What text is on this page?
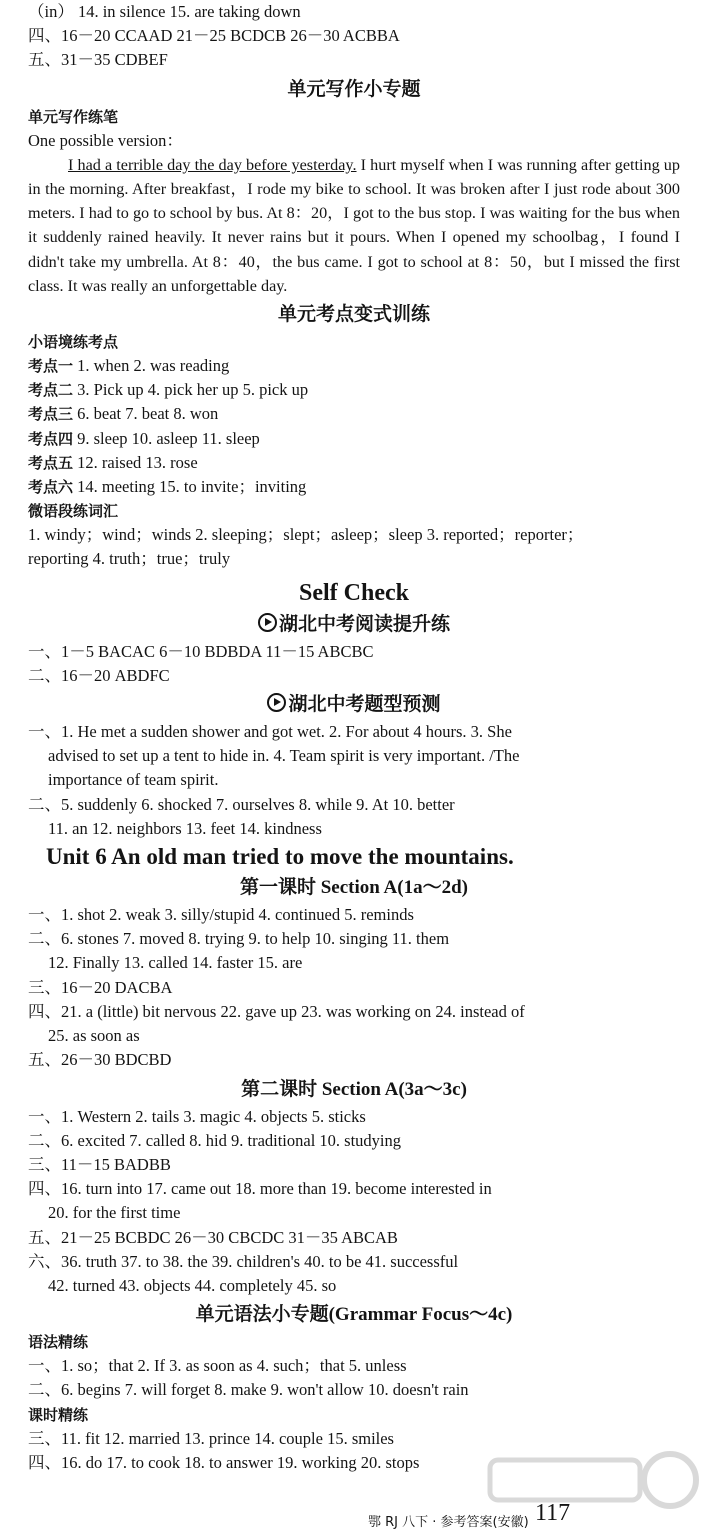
（in） 14. in silence 15. are taking down
四、16－20 CCAAD 21－25 BCDCB 26－30 ACBBA
五、31－35 CDBEF
单元写作小专题
单元写作练笔
One possible version：
I had a terrible day the day before yesterday. I hurt myself when I was running after getting up in the morning. After breakfast，I rode my bike to school. It was broken after I just rode about 300 meters. I had to go to school by bus. At 8：20，I got to the bus stop. I was waiting for the bus when it suddenly rained heavily. It never rains but it pours. When I opened my schoolbag，I found I didn't take my umbrella. At 8：40，the bus came. I got to school at 8：50，but I missed the first class. It was really an unforgettable day.
单元考点变式训练
小语境练考点
考点一 1. when 2. was reading
考点二 3. Pick up 4. pick her up 5. pick up
考点三 6. beat 7. beat 8. won
考点四 9. sleep 10. asleep 11. sleep
考点五 12. raised 13. rose
考点六 14. meeting 15. to invite；inviting
微语段练词汇
1. windy；wind；winds 2. sleeping；slept；asleep；sleep 3. reported；reporter；
reporting 4. truth；true；truly
Self Check
湖北中考阅读提升练
一、1－5 BACAC 6－10 BDBDA 11－15 ABCBC
二、16－20 ABDFC
湖北中考题型预测
一、1. He met a sudden shower and got wet. 2. For about 4 hours. 3. She
advised to set up a tent to hide in. 4. Team spirit is very important. /The
importance of team spirit.
二、5. suddenly 6. shocked 7. ourselves 8. while 9. At 10. better
11. an 12. neighbors 13. feet 14. kindness
Unit 6 An old man tried to move the mountains.
第一课时 Section A(1a～2d)
一、1. shot 2. weak 3. silly/stupid 4. continued 5. reminds
二、6. stones 7. moved 8. trying 9. to help 10. singing 11. them
12. Finally 13. called 14. faster 15. are
三、16－20 DACBA
四、21. a (little) bit nervous 22. gave up 23. was working on 24. instead of
25. as soon as
五、26－30 BDCBD
第二课时 Section A(3a～3c)
一、1. Western 2. tails 3. magic 4. objects 5. sticks
二、6. excited 7. called 8. hid 9. traditional 10. studying
三、11－15 BADBB
四、16. turn into 17. came out 18. more than 19. become interested in
20. for the first time
五、21－25 BCBDC 26－30 CBCDC 31－35 ABCAB
六、36. truth 37. to 38. the 39. children's 40. to be 41. successful
42. turned 43. objects 44. completely 45. so
单元语法小专题(Grammar Focus～4c)
语法精练
一、1. so；that 2. If 3. as soon as 4. such；that 5. unless
二、6. begins 7. will forget 8. make 9. won't allow 10. doesn't rain
课时精练
三、11. fit 12. married 13. prince 14. couple 15. smiles
四、16. do 17. to cook 18. to answer 19. working 20. stops
鄂 RJ 八下 · 参考答案(安徽) 117
